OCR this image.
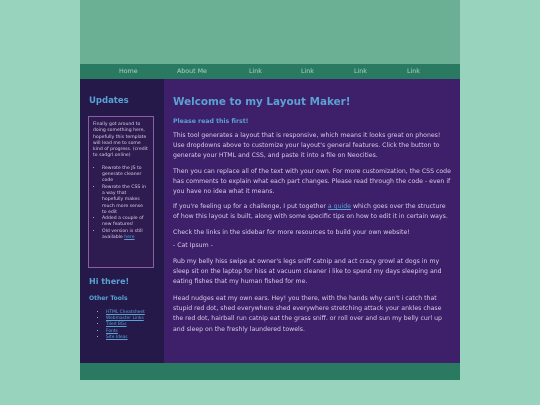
Home	About Me	Link	Link	Link	Link
Updates

Finally got around to doing something here, hopefully this template will lead me to some kind of progress. (credit to sadgrl.online)

• Rewrote the JS to generate cleaner code
• Rewrote the CSS in a way that hopefully makes much more sense to edit
• Added a couple of new features!
• Old version is still available here
Hi there!
Other Tools
• HTML Cheatsheet
• Webmaster Links
• Tiled BGs
• Fonts
• Site Ideas
Welcome to my Layout Maker!
Please read this first!

This tool generates a layout that is responsive, which means it looks great on phones! Use dropdowns above to customize your layout's general features. Click the button to generate your HTML and CSS, and paste it into a file on Neocities.

Then you can replace all of the text with your own. For more customization, the CSS code has comments to explain what each part changes. Please read through the code - even if you have no idea what it means.

If you're feeling up for a challenge, I put together a guide which goes over the structure of how this layout is built, along with some specific tips on how to edit it in certain ways.

Check the links in the sidebar for more resources to build your own website!

- Cat Ipsum -

Rub my belly hiss swipe at owner's legs sniff catnip and act crazy growl at dogs in my sleep sit on the laptop for hiss at vacuum cleaner i like to spend my days sleeping and eating fishes that my human fished for me.

Head nudges eat my own ears. Hey! you there, with the hands why can't i catch that stupid red dot, shed everywhere shed everywhere stretching attack your ankles chase the red dot, hairball run catnip eat the grass sniff. or roll over and sun my belly curl up and sleep on the freshly laundered towels.
